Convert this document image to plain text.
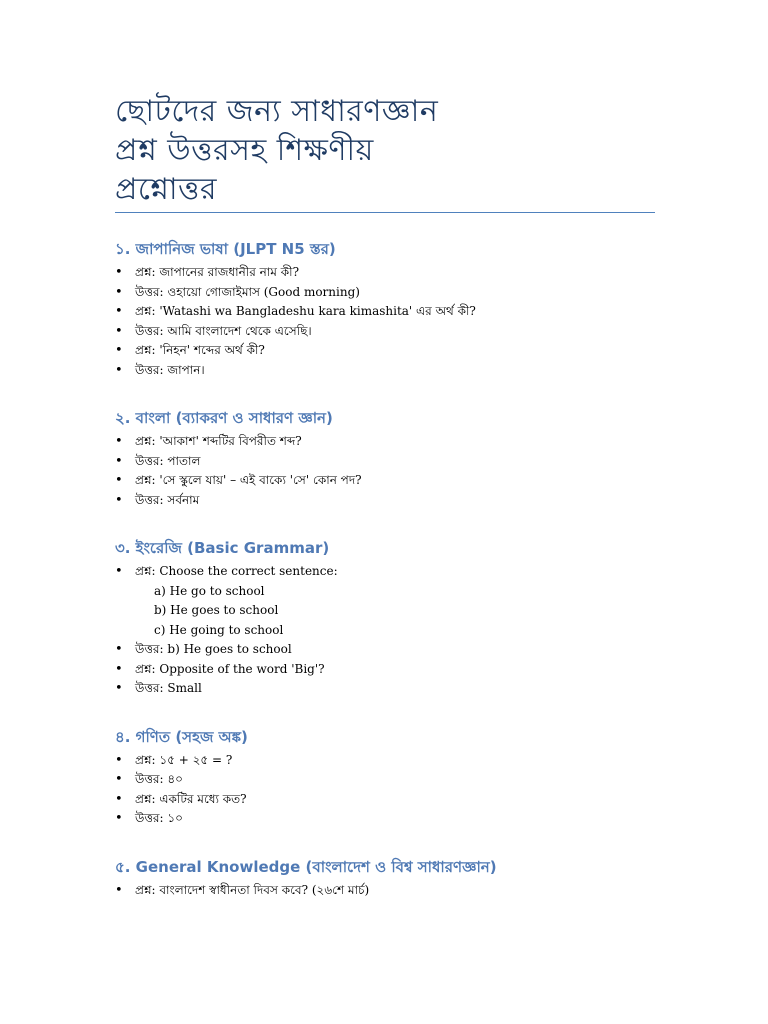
ছোটদের জন্য সাধারণজ্ঞান
প্রশ্ন উত্তরসহ শিক্ষণীয়
প্রশ্নোত্তর
১. জাপানিজ ভাষা (JLPT N5 স্তর)
• প্রশ্ন: জাপানের রাজধানীর নাম কী?
• উত্তর: ওহায়ো গোজাইমাস (Good morning)
• প্রশ্ন: 'Watashi wa Bangladeshu kara kimashita' এর অর্থ কী?
• উত্তর: আমি বাংলাদেশ থেকে এসেছি।
• প্রশ্ন: 'নিহন' শব্দের অর্থ কী?
• উত্তর: জাপান।
২. বাংলা (ব্যাকরণ ও সাধারণ জ্ঞান)
• প্রশ্ন: 'আকাশ' শব্দটির বিপরীত শব্দ?
• উত্তর: পাতাল
• প্রশ্ন: 'সে স্কুলে যায়' – এই বাক্যে 'সে' কোন পদ?
• উত্তর: সর্বনাম
৩. ইংরেজি (Basic Grammar)
• প্রশ্ন: Choose the correct sentence:
a) He go to school
b) He goes to school
c) He going to school
• উত্তর: b) He goes to school
• প্রশ্ন: Opposite of the word 'Big'?
• উত্তর: Small
৪. গণিত (সহজ অঙ্ক)
• প্রশ্ন: ১৫ + ২৫ = ?
• উত্তর: ৪০
• প্রশ্ন: একটির মধ্যে কত?
• উত্তর: ১০
৫. General Knowledge (বাংলাদেশ ও বিশ্ব সাধারণজ্ঞান)
• প্রশ্ন: বাংলাদেশ স্বাধীনতা দিবস কবে? (২৬শে মার্চ)
